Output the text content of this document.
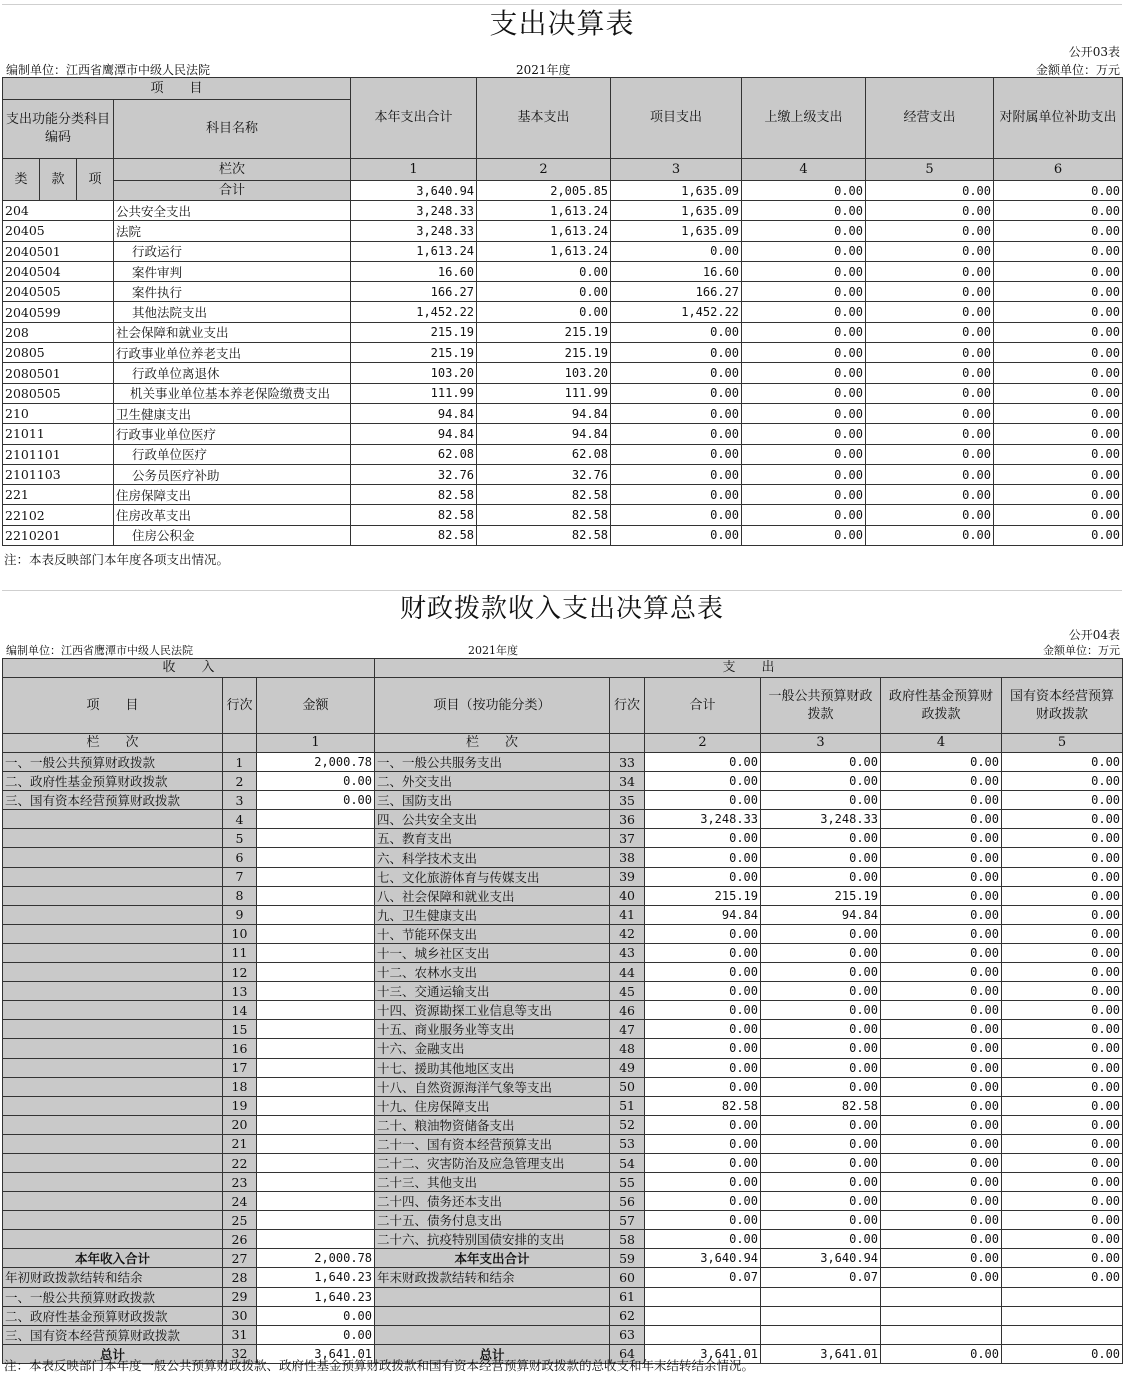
支出决算表
公开03表
编制单位：江西省鹰潭市中级人民法院	2021年度	金额单位：万元
项　　目				本年支出合计	基本支出	项目支出	上缴上级支出	经营支出	对附属单位补助支出
支出功能分类科目编码			科目名称						
类	款	项	栏次	1	2	3	4	5	6
			合计	3,640.94	2,005.85	1,635.09	0.00	0.00	0.00
204			公共安全支出	3,248.33	1,613.24	1,635.09	0.00	0.00	0.00
20405			法院	3,248.33	1,613.24	1,635.09	0.00	0.00	0.00
2040501			行政运行	1,613.24	1,613.24	0.00	0.00	0.00	0.00
2040504			案件审判	16.60	0.00	16.60	0.00	0.00	0.00
2040505			案件执行	166.27	0.00	166.27	0.00	0.00	0.00
2040599			其他法院支出	1,452.22	0.00	1,452.22	0.00	0.00	0.00
208			社会保障和就业支出	215.19	215.19	0.00	0.00	0.00	0.00
20805			行政事业单位养老支出	215.19	215.19	0.00	0.00	0.00	0.00
2080501			行政单位离退休	103.20	103.20	0.00	0.00	0.00	0.00
2080505			机关事业单位基本养老保险缴费支出	111.99	111.99	0.00	0.00	0.00	0.00
210			卫生健康支出	94.84	94.84	0.00	0.00	0.00	0.00
21011			行政事业单位医疗	94.84	94.84	0.00	0.00	0.00	0.00
2101101			行政单位医疗	62.08	62.08	0.00	0.00	0.00	0.00
2101103			公务员医疗补助	32.76	32.76	0.00	0.00	0.00	0.00
221			住房保障支出	82.58	82.58	0.00	0.00	0.00	0.00
22102			住房改革支出	82.58	82.58	0.00	0.00	0.00	0.00
2210201			住房公积金	82.58	82.58	0.00	0.00	0.00	0.00
注：本表反映部门本年度各项支出情况。
财政拨款收入支出决算总表
公开04表
编制单位：江西省鹰潭市中级人民法院	2021年度	金额单位：万元
收　　入			支　　出					
项　　目	行次	金额	项目（按功能分类）	行次	合计	一般公共预算财政拨款	政府性基金预算财政拨款	国有资本经营预算财政拨款
栏　　次		1	栏　　次		2	3	4	5
一、一般公共预算财政拨款	1	2,000.78	一、一般公共服务支出	33	0.00	0.00	0.00	0.00
二、政府性基金预算财政拨款	2	0.00	二、外交支出	34	0.00	0.00	0.00	0.00
三、国有资本经营预算财政拨款	3	0.00	三、国防支出	35	0.00	0.00	0.00	0.00
	4		四、公共安全支出	36	3,248.33	3,248.33	0.00	0.00
	5		五、教育支出	37	0.00	0.00	0.00	0.00
	6		六、科学技术支出	38	0.00	0.00	0.00	0.00
	7		七、文化旅游体育与传媒支出	39	0.00	0.00	0.00	0.00
	8		八、社会保障和就业支出	40	215.19	215.19	0.00	0.00
	9		九、卫生健康支出	41	94.84	94.84	0.00	0.00
	10		十、节能环保支出	42	0.00	0.00	0.00	0.00
	11		十一、城乡社区支出	43	0.00	0.00	0.00	0.00
	12		十二、农林水支出	44	0.00	0.00	0.00	0.00
	13		十三、交通运输支出	45	0.00	0.00	0.00	0.00
	14		十四、资源勘探工业信息等支出	46	0.00	0.00	0.00	0.00
	15		十五、商业服务业等支出	47	0.00	0.00	0.00	0.00
	16		十六、金融支出	48	0.00	0.00	0.00	0.00
	17		十七、援助其他地区支出	49	0.00	0.00	0.00	0.00
	18		十八、自然资源海洋气象等支出	50	0.00	0.00	0.00	0.00
	19		十九、住房保障支出	51	82.58	82.58	0.00	0.00
	20		二十、粮油物资储备支出	52	0.00	0.00	0.00	0.00
	21		二十一、国有资本经营预算支出	53	0.00	0.00	0.00	0.00
	22		二十二、灾害防治及应急管理支出	54	0.00	0.00	0.00	0.00
	23		二十三、其他支出	55	0.00	0.00	0.00	0.00
	24		二十四、债务还本支出	56	0.00	0.00	0.00	0.00
	25		二十五、债务付息支出	57	0.00	0.00	0.00	0.00
	26		二十六、抗疫特别国债安排的支出	58	0.00	0.00	0.00	0.00
本年收入合计	27	2,000.78	本年支出合计	59	3,640.94	3,640.94	0.00	0.00
年初财政拨款结转和结余	28	1,640.23	年末财政拨款结转和结余	60	0.07	0.07	0.00	0.00
一、一般公共预算财政拨款	29	1,640.23		61				
二、政府性基金预算财政拨款	30	0.00		62				
三、国有资本经营预算财政拨款	31	0.00		63				
总计	32	3,641.01	总计	64	3,641.01	3,641.01	0.00	0.00
注：本表反映部门本年度一般公共预算财政拨款、政府性基金预算财政拨款和国有资本经营预算财政拨款的总收支和年末结转结余情况。
